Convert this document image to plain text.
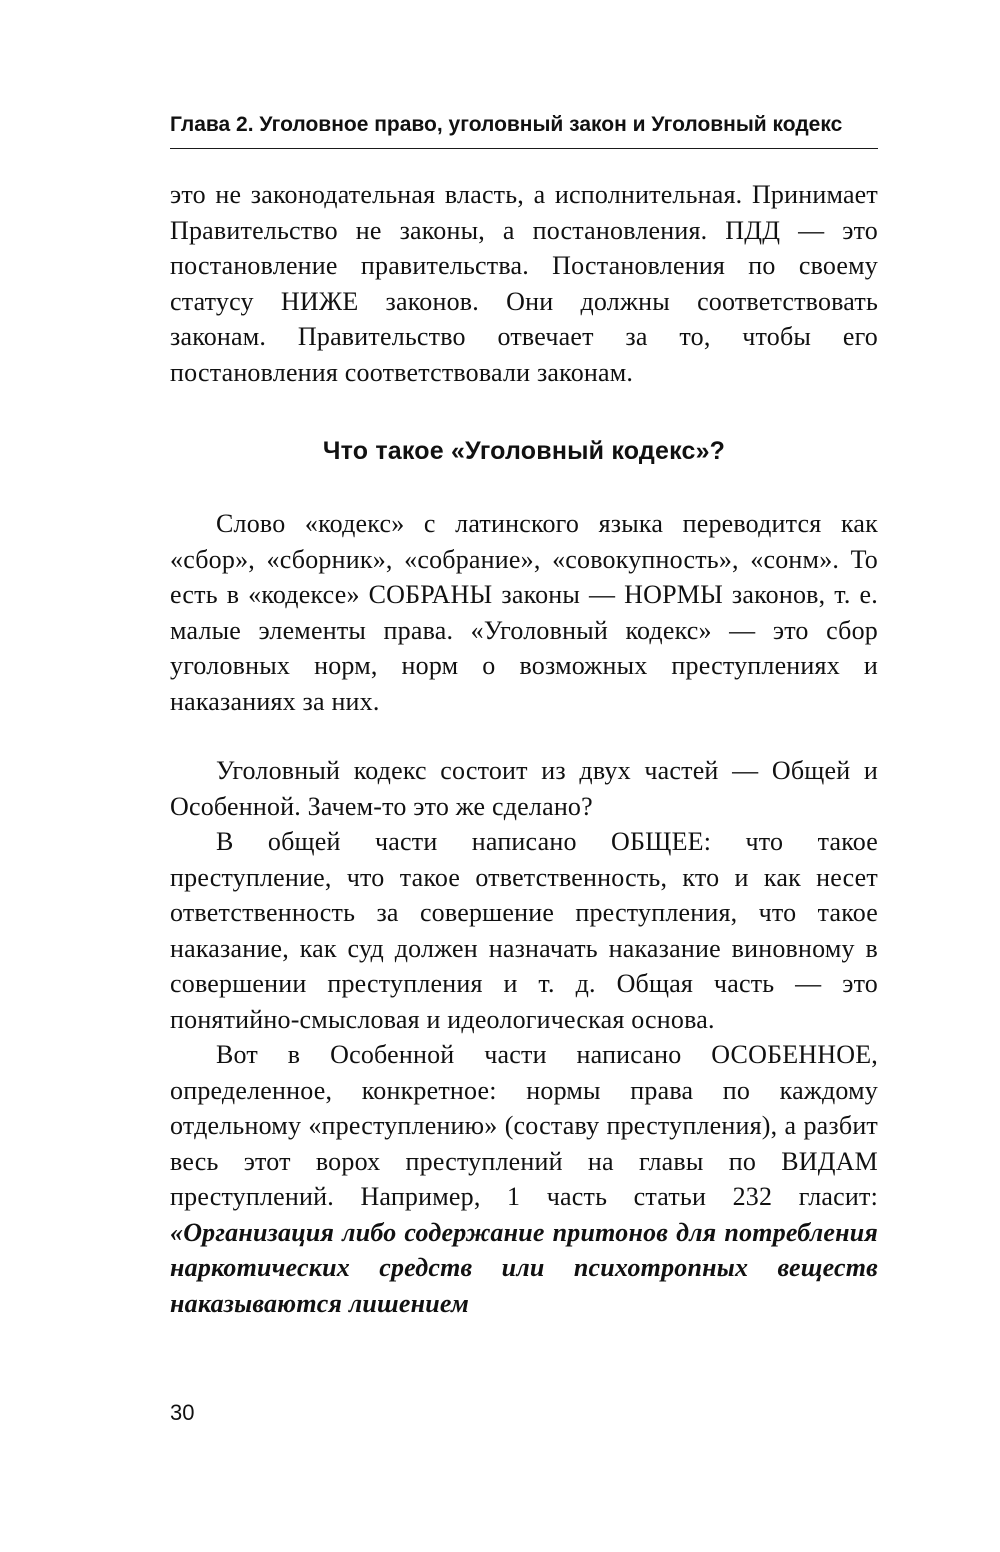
Глава 2. Уголовное право, уголовный закон и Уголовный кодекс

это не законодательная власть, а исполнительная. Принимает Правительство не законы, а постановления. ПДД — это постановление правительства. Постановления по своему статусу НИЖЕ законов. Они должны соответствовать законам. Правительство отвечает за то, чтобы его постановления соответствовали законам.

Что такое «Уголовный кодекс»?

Слово «кодекс» с латинского языка переводится как «сбор», «сборник», «собрание», «совокупность», «сонм». То есть в «кодексе» СОБРАНЫ законы — НОРМЫ законов, т. е. малые элементы права. «Уголовный кодекс» — это сбор уголовных норм, норм о возможных преступлениях и наказаниях за них.

Уголовный кодекс состоит из двух частей — Общей и Особенной. Зачем-то это же сделано?

В общей части написано ОБЩЕЕ: что такое преступление, что такое ответственность, кто и как несет ответственность за совершение преступления, что такое наказание, как суд должен назначать наказание виновному в совершении преступления и т. д. Общая часть — это понятийно-смысловая и идеологическая основа.

Вот в Особенной части написано ОСОБЕННОЕ, определенное, конкретное: нормы права по каждому отдельному «преступлению» (составу преступления), а разбит весь этот ворох преступлений на главы по ВИДАМ преступлений. Например, 1 часть статьи 232 гласит: «Организация либо содержание притонов для потребления наркотических средств или психотропных веществ наказываются лишением

30
